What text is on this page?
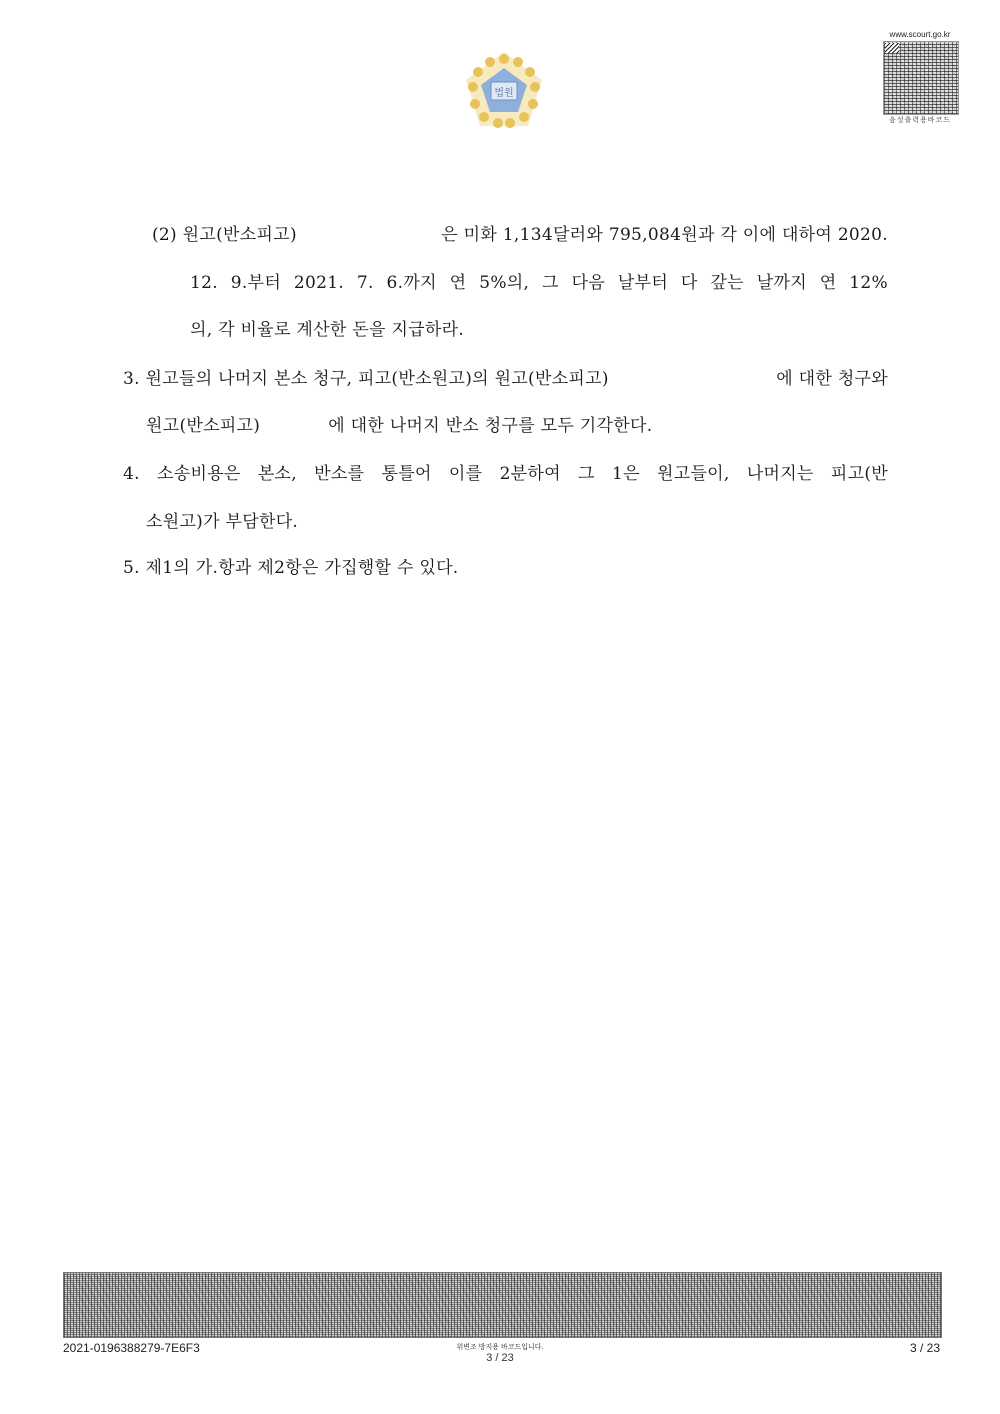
법원
www.scourt.go.kr
음성출력용바코드
(2) 원고(반소피고)	은 미화 1,134달러와 795,084원과 각 이에 대하여 2020.
12. 9.부터 2021. 7. 6.까지 연 5%의, 그 다음 날부터 다 갚는 날까지 연 12%
의, 각 비율로 계산한 돈을 지급하라.
3. 원고들의 나머지 본소 청구, 피고(반소원고)의 원고(반소피고)	에 대한 청구와
원고(반소피고)	에 대한 나머지 반소 청구를 모두 기각한다.
4. 소송비용은 본소, 반소를 통틀어 이를 2분하여 그 1은 원고들이, 나머지는 피고(반
소원고)가 부담한다.
5. 제1의 가.항과 제2항은 가집행할 수 있다.
2021-0196388279-7E6F3	위변조 방지용 바코드입니다.
3 / 23
3 / 23
